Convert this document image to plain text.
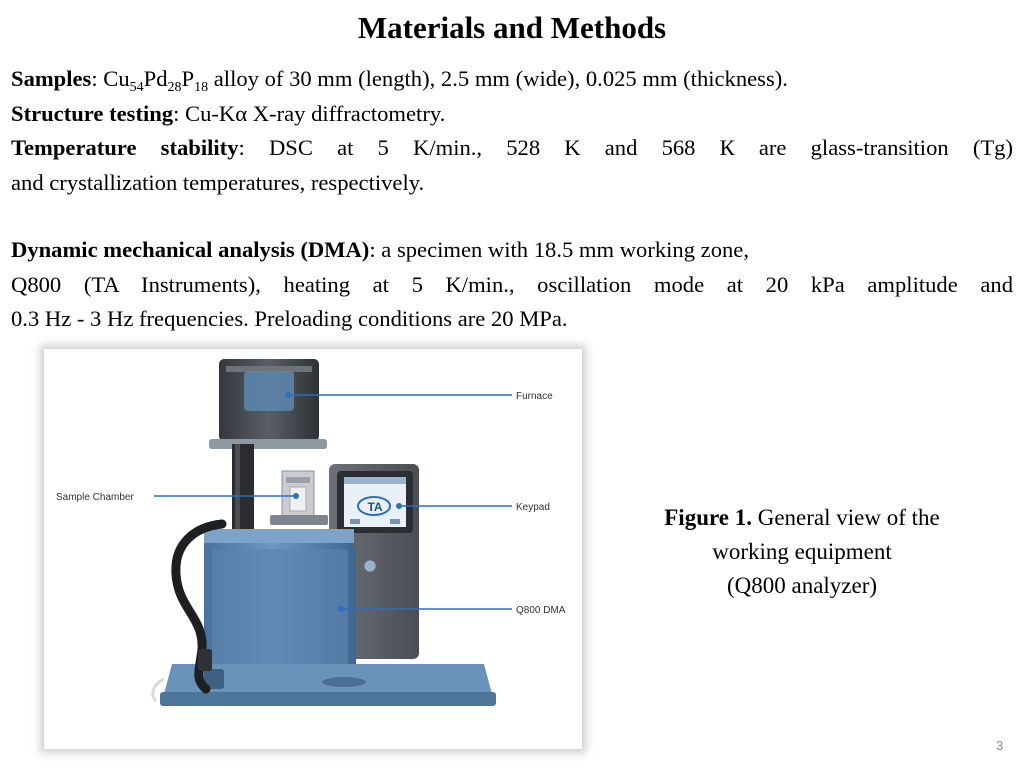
Materials and Methods
Samples: $Cu_{54}Pd_{28}P_{18}$ alloy of 30 mm (length), 2.5 mm (wide), 0.025 mm (thickness).
Structure testing: Cu-Kα X-ray diffractometry.
Temperature stability: DSC at 5 K/min., 528 K and 568 К are glass-transition (Tg)
and crystallization temperatures, respectively.
Dynamic mechanical analysis (DMA): a specimen with 18.5 mm working zone,
Q800 (TA Instruments), heating at 5 K/min., oscillation mode at 20 kPa amplitude and
0.3 Hz - 3 Hz frequencies. Preloading conditions are 20 MPa.
TA
Furnace
Sample Chamber
Keypad
Q800 DMA
Figure 1. General view of the
working equipment
(Q800 analyzer)
3
